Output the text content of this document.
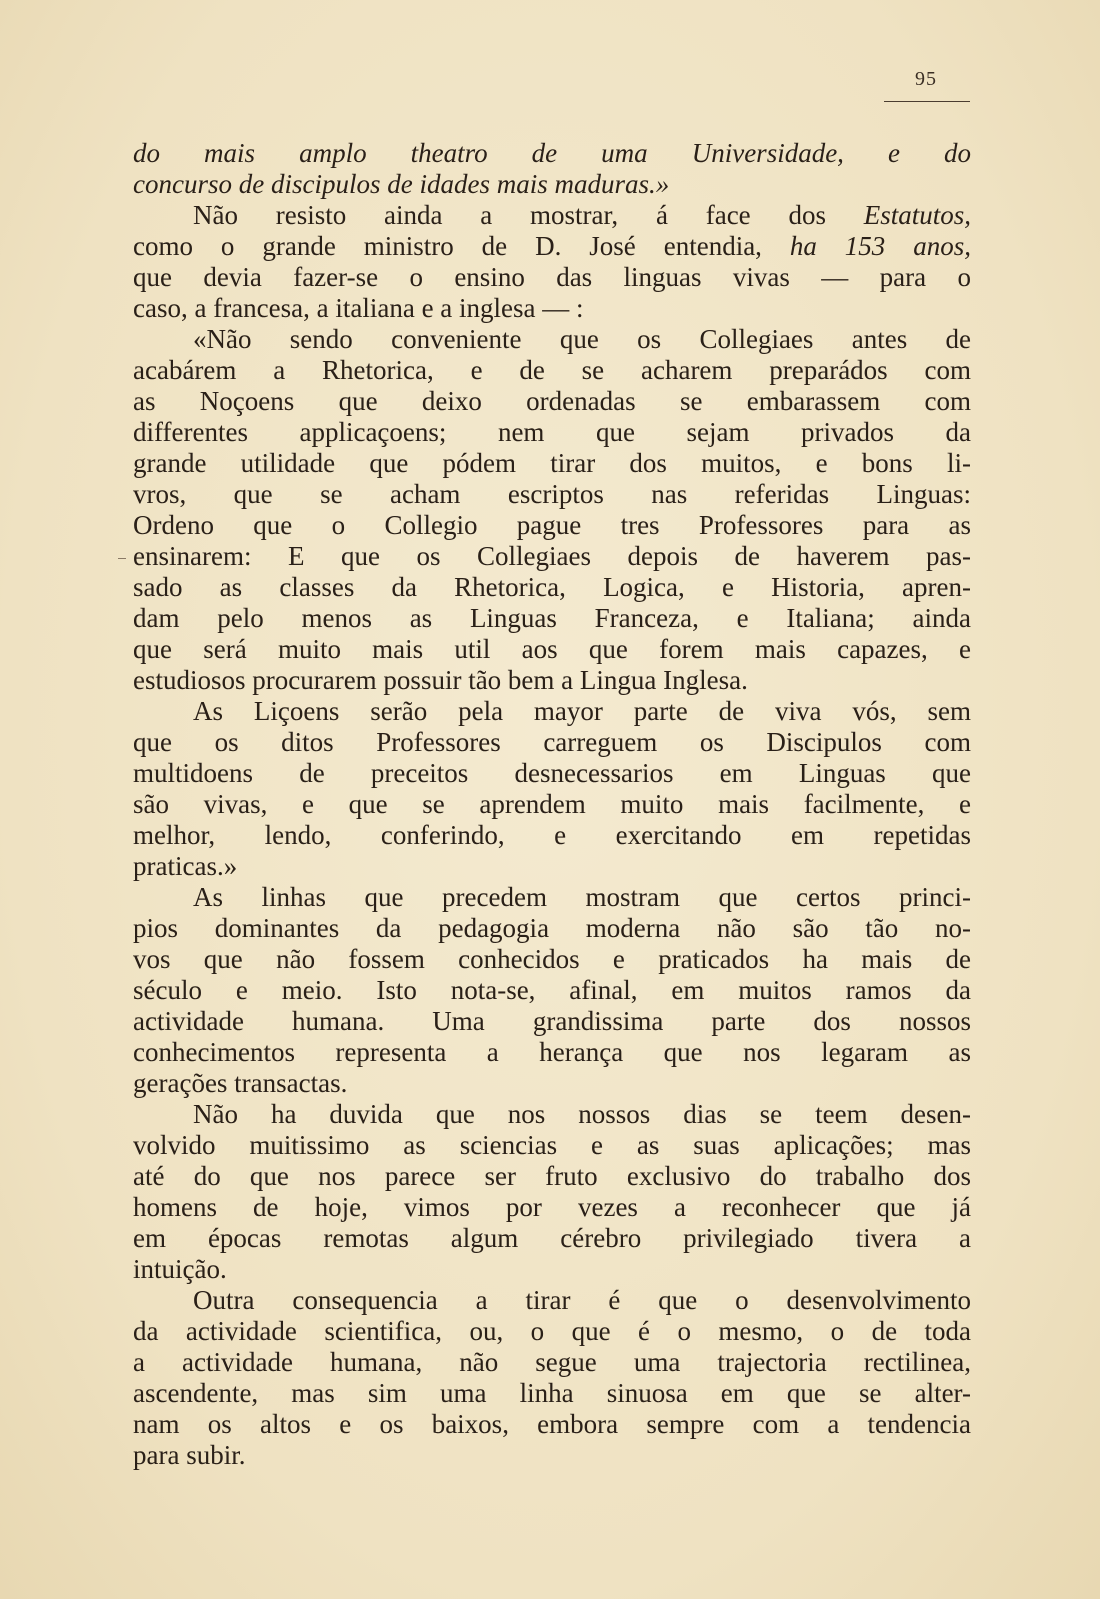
95
do mais amplo theatro de uma Universidade, e do
concurso de discipulos de idades mais maduras.»
Não resisto ainda a mostrar, á face dos Estatutos,
como o grande ministro de D. José entendia, ha 153 anos,
que devia fazer-se o ensino das linguas vivas — para o
caso, a francesa, a italiana e a inglesa — :
«Não sendo conveniente que os Collegiaes antes de
acabárem a Rhetorica, e de se acharem preparádos com
as Noçoens que deixo ordenadas se embarassem com
differentes applicaçoens; nem que sejam privados da
grande utilidade que pódem tirar dos muitos, e bons li-
vros, que se acham escriptos nas referidas Linguas:
Ordeno que o Collegio pague tres Professores para as
ensinarem: E que os Collegiaes depois de haverem pas-
sado as classes da Rhetorica, Logica, e Historia, apren-
dam pelo menos as Linguas Franceza, e Italiana; ainda
que será muito mais util aos que forem mais capazes, e
estudiosos procurarem possuir tão bem a Lingua Inglesa.
As Liçoens serão pela mayor parte de viva vós, sem
que os ditos Professores carreguem os Discipulos com
multidoens de preceitos desnecessarios em Linguas que
são vivas, e que se aprendem muito mais facilmente, e
melhor, lendo, conferindo, e exercitando em repetidas
praticas.»
As linhas que precedem mostram que certos princi-
pios dominantes da pedagogia moderna não são tão no-
vos que não fossem conhecidos e praticados ha mais de
século e meio. Isto nota-se, afinal, em muitos ramos da
actividade humana. Uma grandissima parte dos nossos
conhecimentos representa a herança que nos legaram as
gerações transactas.
Não ha duvida que nos nossos dias se teem desen-
volvido muitissimo as sciencias e as suas aplicações; mas
até do que nos parece ser fruto exclusivo do trabalho dos
homens de hoje, vimos por vezes a reconhecer que já
em épocas remotas algum cérebro privilegiado tivera a
intuição.
Outra consequencia a tirar é que o desenvolvimento
da actividade scientifica, ou, o que é o mesmo, o de toda
a actividade humana, não segue uma trajectoria rectilinea,
ascendente, mas sim uma linha sinuosa em que se alter-
nam os altos e os baixos, embora sempre com a tendencia
para subir.
